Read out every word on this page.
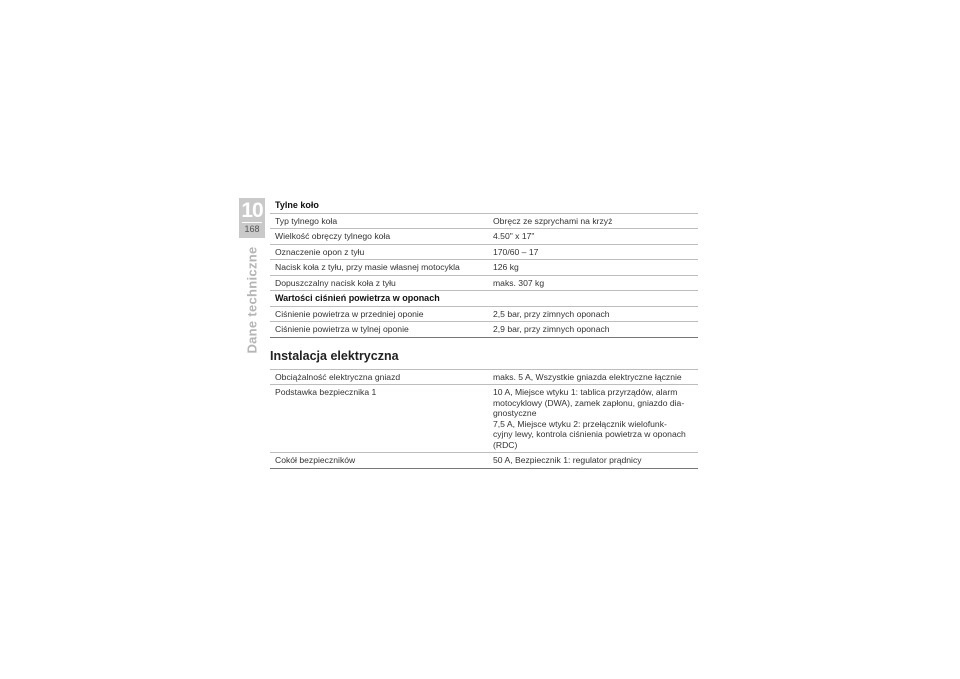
10
168
Dane techniczne
Tylne koło
Typ tylnego koła	Obręcz ze szprychami na krzyż
Wielkość obręczy tylnego koła	4.50" x 17"
Oznaczenie opon z tyłu	170/60 – 17
Nacisk koła z tyłu, przy masie własnej motocykla	126 kg
Dopuszczalny nacisk koła z tyłu	maks. 307 kg
Wartości ciśnień powietrza w oponach
Ciśnienie powietrza w przedniej oponie	2,5 bar, przy zimnych oponach
Ciśnienie powietrza w tylnej oponie	2,9 bar, przy zimnych oponach
Instalacja elektryczna
Obciążalność elektryczna gniazd	maks. 5 A, Wszystkie gniazda elektryczne łącznie
Podstawka bezpiecznika 1	10 A, Miejsce wtyku 1: tablica przyrządów, alarm
motocyklowy (DWA), zamek zapłonu, gniazdo dia-
gnostyczne
7,5 A, Miejsce wtyku 2: przełącznik wielofunk-
cyjny lewy, kontrola ciśnienia powietrza w oponach
(RDC)
Cokół bezpieczników	50 A, Bezpiecznik 1: regulator prądnicy
